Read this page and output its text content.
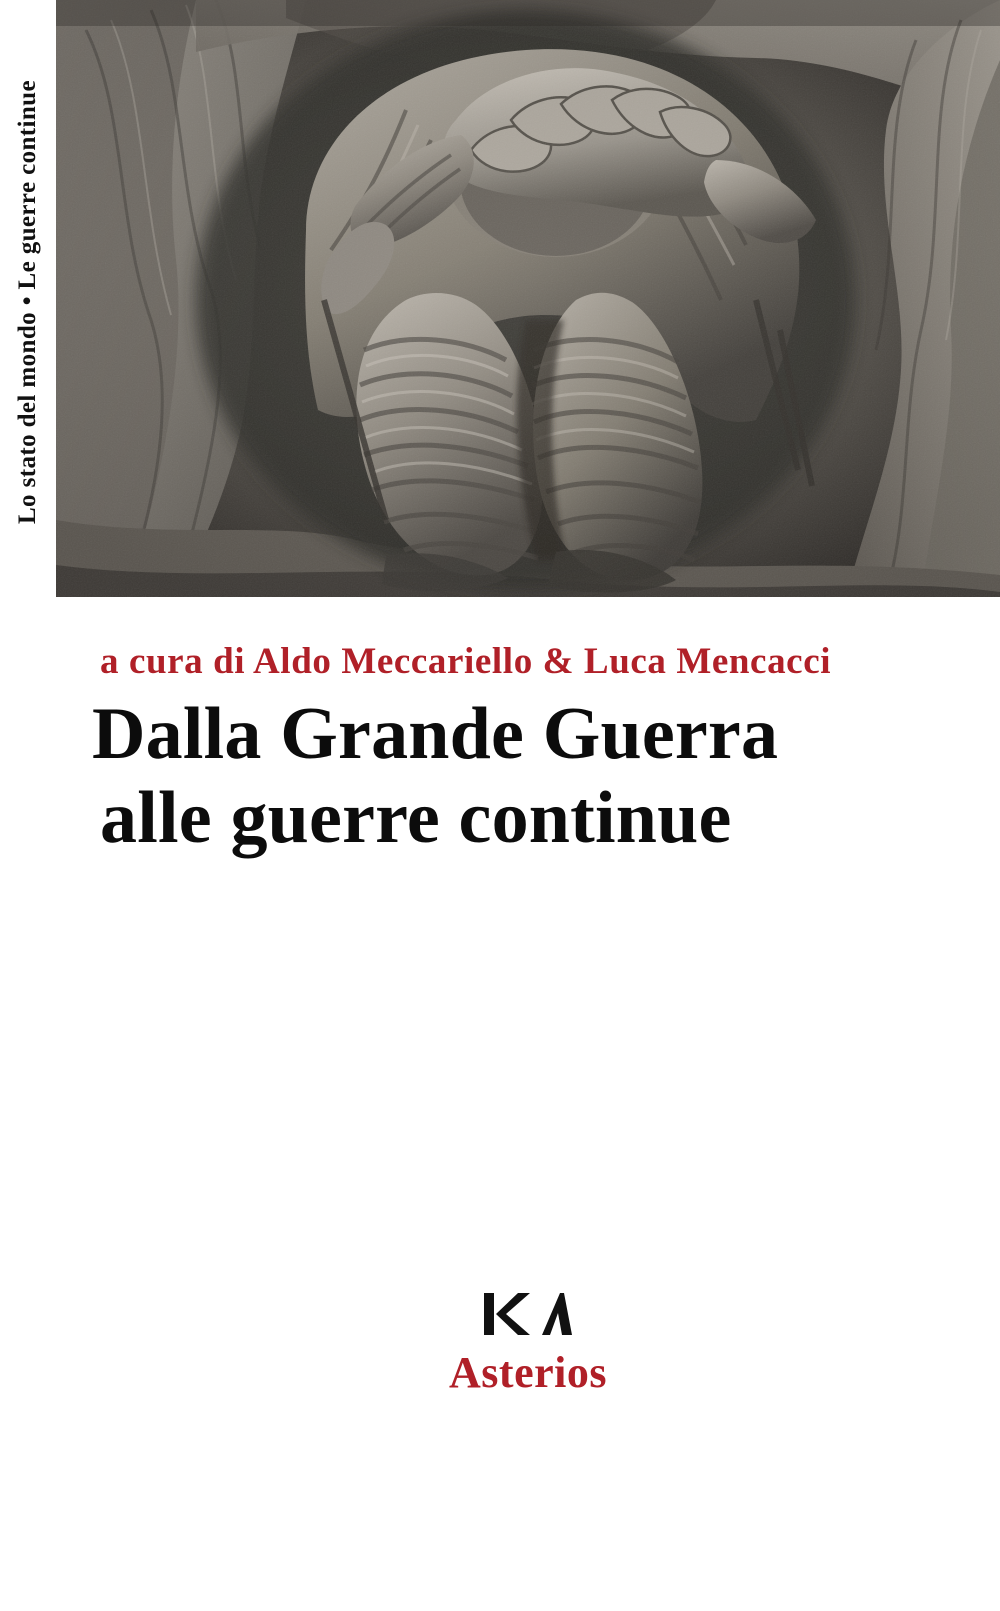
Lo stato del mondo • Le guerre continue
a cura di Aldo Meccariello & Luca Mencacci
Dalla Grande Guerra
alle guerre continue
Asterios
